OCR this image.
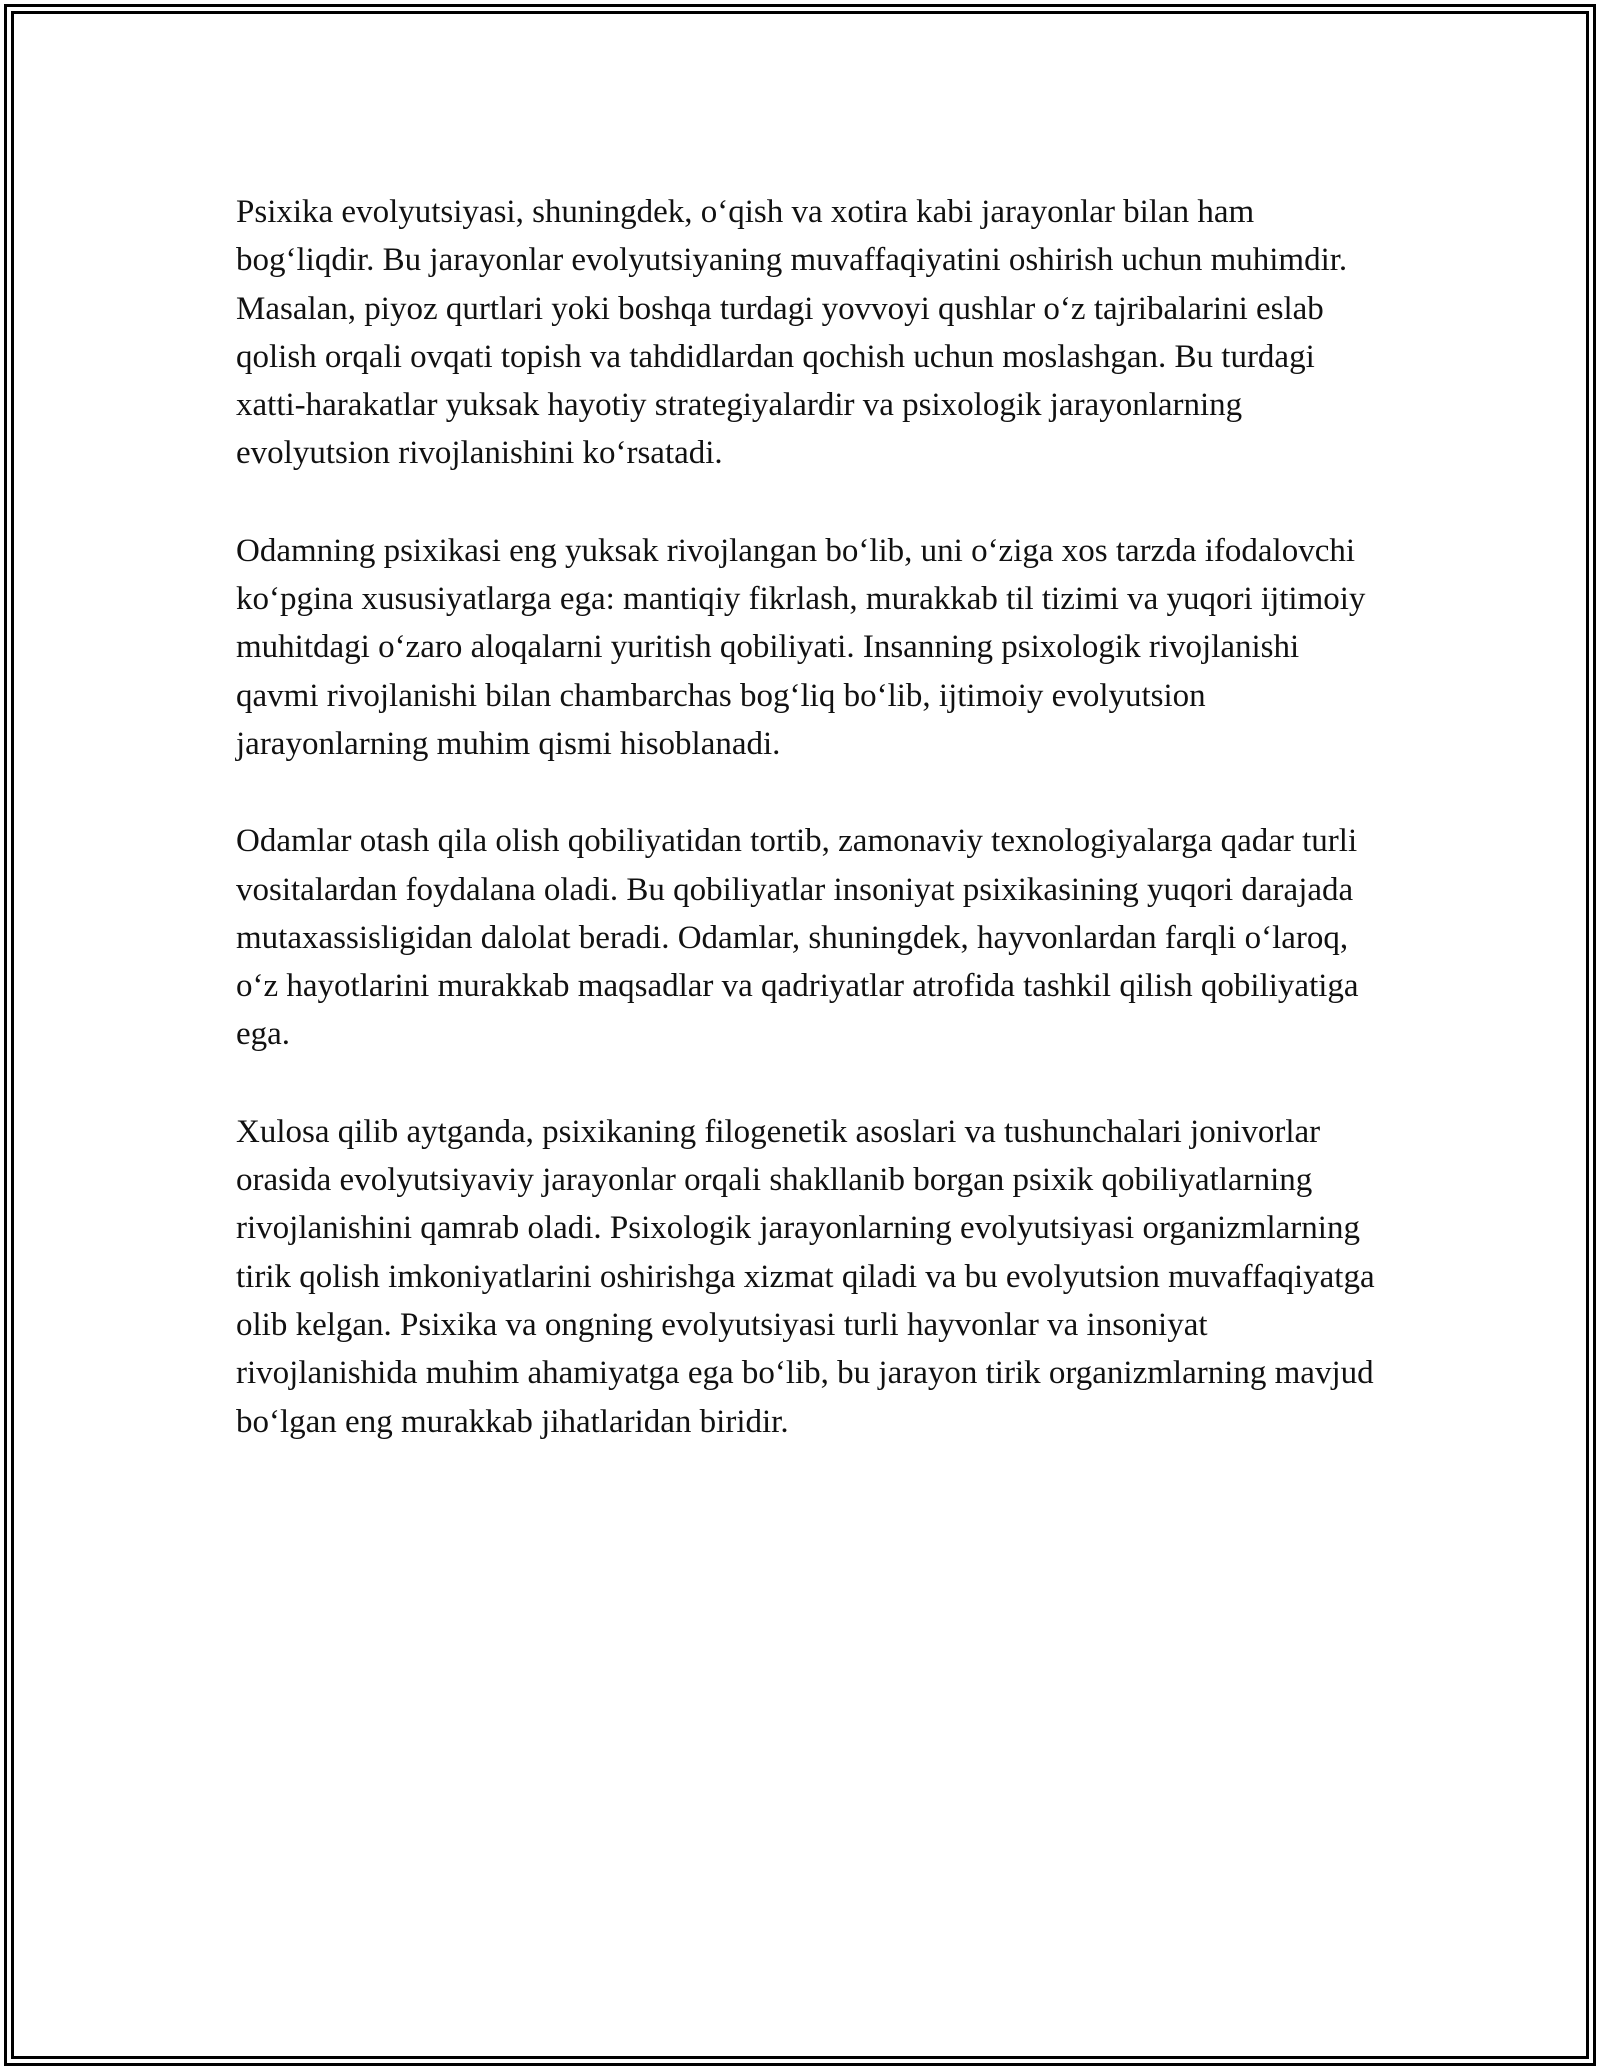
Psixika evolyutsiyasi, shuningdek, o‘qish va xotira kabi jarayonlar bilan ham bog‘liqdir. Bu jarayonlar evolyutsiyaning muvaffaqiyatini oshirish uchun muhimdir. Masalan, piyoz qurtlari yoki boshqa turdagi yovvoyi qushlar o‘z tajribalarini eslab qolish orqali ovqati topish va tahdidlardan qochish uchun moslashgan. Bu turdagi xatti-harakatlar yuksak hayotiy strategiyalardir va psixologik jarayonlarning evolyutsion rivojlanishini ko‘rsatadi.

Odamning psixikasi eng yuksak rivojlangan bo‘lib, uni o‘ziga xos tarzda ifodalovchi ko‘pgina xususiyatlarga ega: mantiqiy fikrlash, murakkab til tizimi va yuqori ijtimoiy muhitdagi o‘zaro aloqalarni yuritish qobiliyati. Insanning psixologik rivojlanishi qavmi rivojlanishi bilan chambarchas bog‘liq bo‘lib, ijtimoiy evolyutsion jarayonlarning muhim qismi hisoblanadi.

Odamlar otash qila olish qobiliyatidan tortib, zamonaviy texnologiyalarga qadar turli vositalardan foydalana oladi. Bu qobiliyatlar insoniyat psixikasining yuqori darajada mutaxassisligidan dalolat beradi. Odamlar, shuningdek, hayvonlardan farqli o‘laroq, o‘z hayotlarini murakkab maqsadlar va qadriyatlar atrofida tashkil qilish qobiliyatiga ega.

Xulosa qilib aytganda, psixikaning filogenetik asoslari va tushunchalari jonivorlar orasida evolyutsiyaviy jarayonlar orqali shakllanib borgan psixik qobiliyatlarning rivojlanishini qamrab oladi. Psixologik jarayonlarning evolyutsiyasi organizmlarning tirik qolish imkoniyatlarini oshirishga xizmat qiladi va bu evolyutsion muvaffaqiyatga olib kelgan. Psixika va ongning evolyutsiyasi turli hayvonlar va insoniyat rivojlanishida muhim ahamiyatga ega bo‘lib, bu jarayon tirik organizmlarning mavjud bo‘lgan eng murakkab jihatlaridan biridir.
